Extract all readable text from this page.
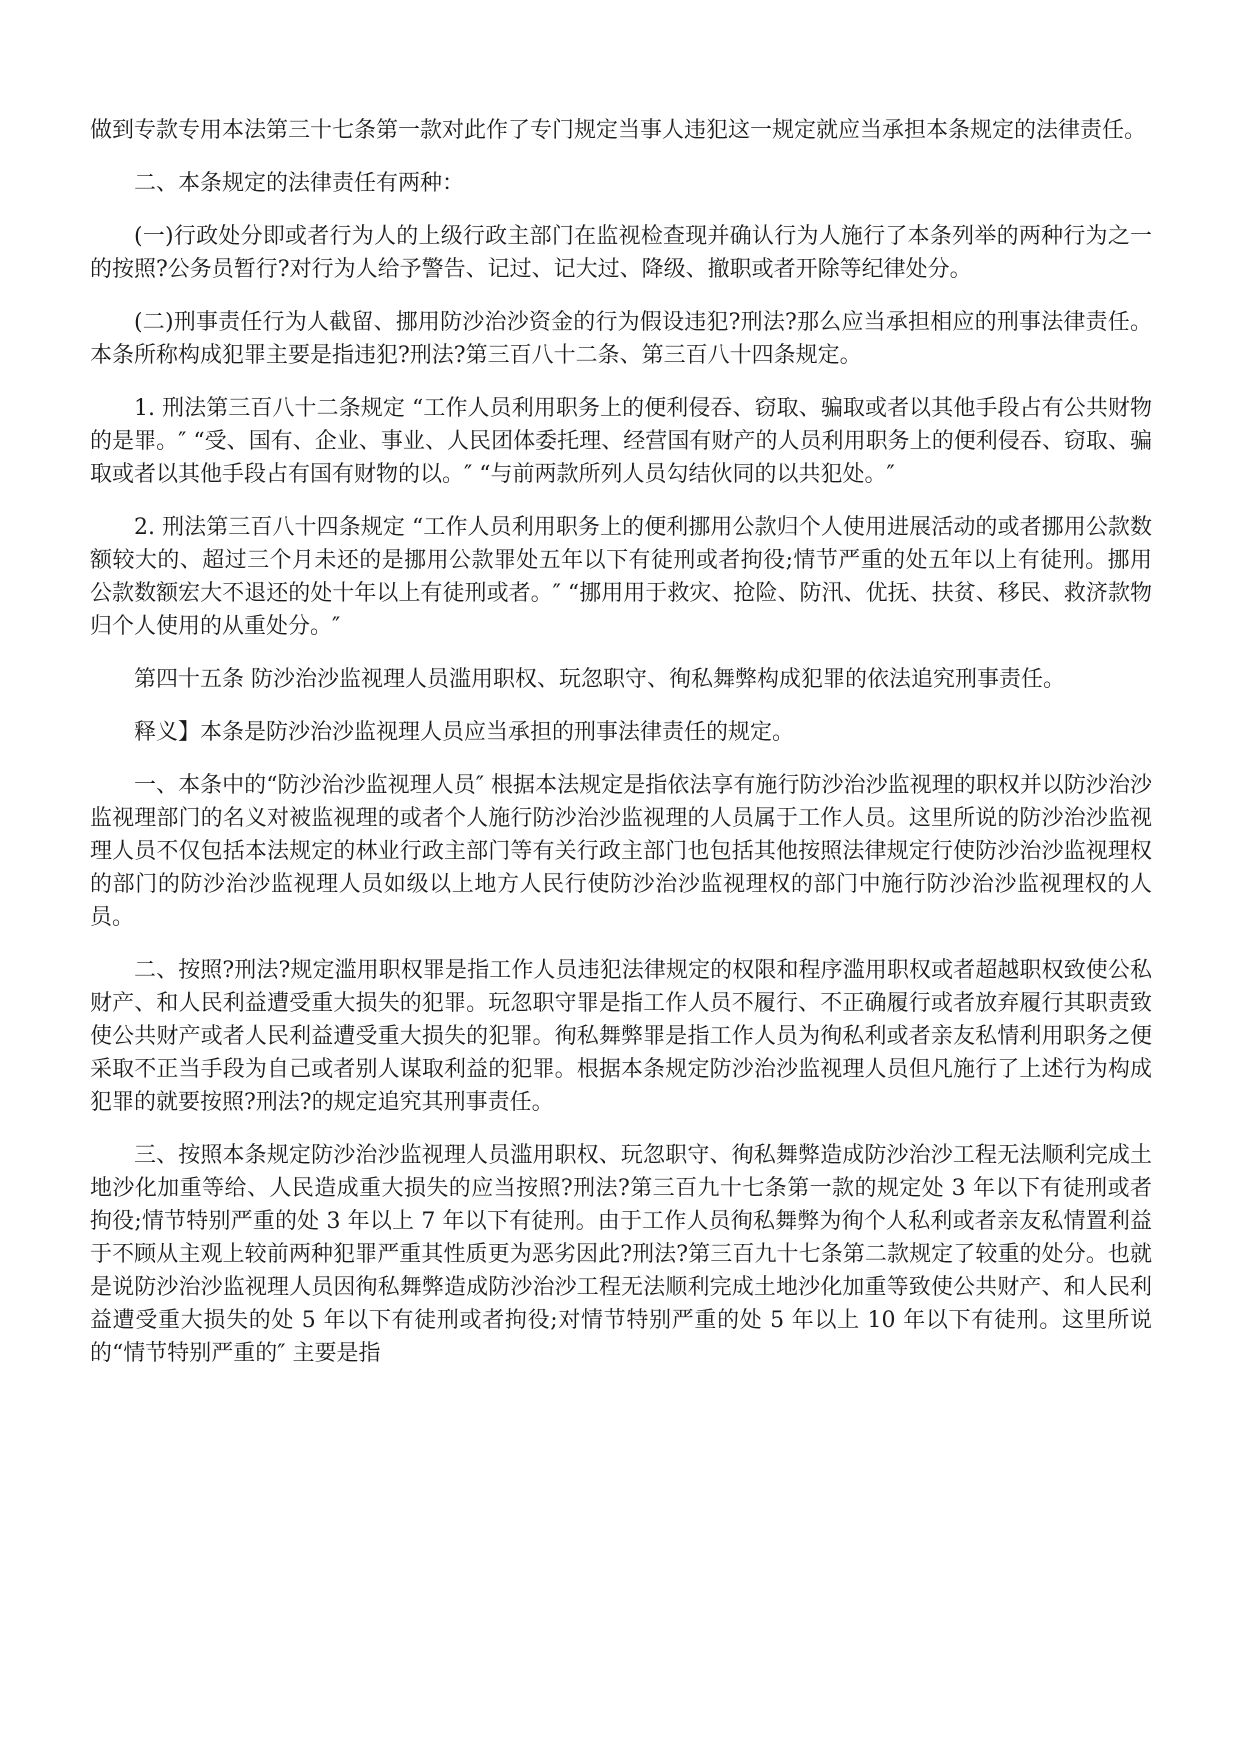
做到专款专用本法第三十七条第一款对此作了专门规定当事人违犯这一规定就应当承担本条规定的法律责任。

二、本条规定的法律责任有两种：

(一)行政处分即或者行为人的上级行政主部门在监视检查现并确认行为人施行了本条列举的两种行为之一的按照?公务员暂行?对行为人给予警告、记过、记大过、降级、撤职或者开除等纪律处分。

(二)刑事责任行为人截留、挪用防沙治沙资金的行为假设违犯?刑法?那么应当承担相应的刑事法律责任。本条所称构成犯罪主要是指违犯?刑法?第三百八十二条、第三百八十四条规定。

1. 刑法第三百八十二条规定 “工作人员利用职务上的便利侵吞、窃取、骗取或者以其他手段占有公共财物的是罪。″ “受、国有、企业、事业、人民团体委托理、经营国有财产的人员利用职务上的便利侵吞、窃取、骗取或者以其他手段占有国有财物的以。″ “与前两款所列人员勾结伙同的以共犯处。″

2. 刑法第三百八十四条规定 “工作人员利用职务上的便利挪用公款归个人使用进展活动的或者挪用公款数额较大的、超过三个月未还的是挪用公款罪处五年以下有徒刑或者拘役;情节严重的处五年以上有徒刑。挪用公款数额宏大不退还的处十年以上有徒刑或者。″ “挪用用于救灾、抢险、防汛、优抚、扶贫、移民、救济款物归个人使用的从重处分。″

第四十五条 防沙治沙监视理人员滥用职权、玩忽职守、徇私舞弊构成犯罪的依法追究刑事责任。

释义】本条是防沙治沙监视理人员应当承担的刑事法律责任的规定。

一、本条中的“防沙治沙监视理人员″ 根据本法规定是指依法享有施行防沙治沙监视理的职权并以防沙治沙监视理部门的名义对被监视理的或者个人施行防沙治沙监视理的人员属于工作人员。这里所说的防沙治沙监视理人员不仅包括本法规定的林业行政主部门等有关行政主部门也包括其他按照法律规定行使防沙治沙监视理权的部门的防沙治沙监视理人员如级以上地方人民行使防沙治沙监视理权的部门中施行防沙治沙监视理权的人员。

二、按照?刑法?规定滥用职权罪是指工作人员违犯法律规定的权限和程序滥用职权或者超越职权致使公私财产、和人民利益遭受重大损失的犯罪。玩忽职守罪是指工作人员不履行、不正确履行或者放弃履行其职责致使公共财产或者人民利益遭受重大损失的犯罪。徇私舞弊罪是指工作人员为徇私利或者亲友私情利用职务之便采取不正当手段为自己或者别人谋取利益的犯罪。根据本条规定防沙治沙监视理人员但凡施行了上述行为构成犯罪的就要按照?刑法?的规定追究其刑事责任。

三、按照本条规定防沙治沙监视理人员滥用职权、玩忽职守、徇私舞弊造成防沙治沙工程无法顺利完成土地沙化加重等给、人民造成重大损失的应当按照?刑法?第三百九十七条第一款的规定处 3 年以下有徒刑或者拘役;情节特别严重的处 3 年以上 7 年以下有徒刑。由于工作人员徇私舞弊为徇个人私利或者亲友私情置利益于不顾从主观上较前两种犯罪严重其性质更为恶劣因此?刑法?第三百九十七条第二款规定了较重的处分。也就是说防沙治沙监视理人员因徇私舞弊造成防沙治沙工程无法顺利完成土地沙化加重等致使公共财产、和人民利益遭受重大损失的处 5 年以下有徒刑或者拘役;对情节特别严重的处 5 年以上 10 年以下有徒刑。这里所说的“情节特别严重的″ 主要是指
